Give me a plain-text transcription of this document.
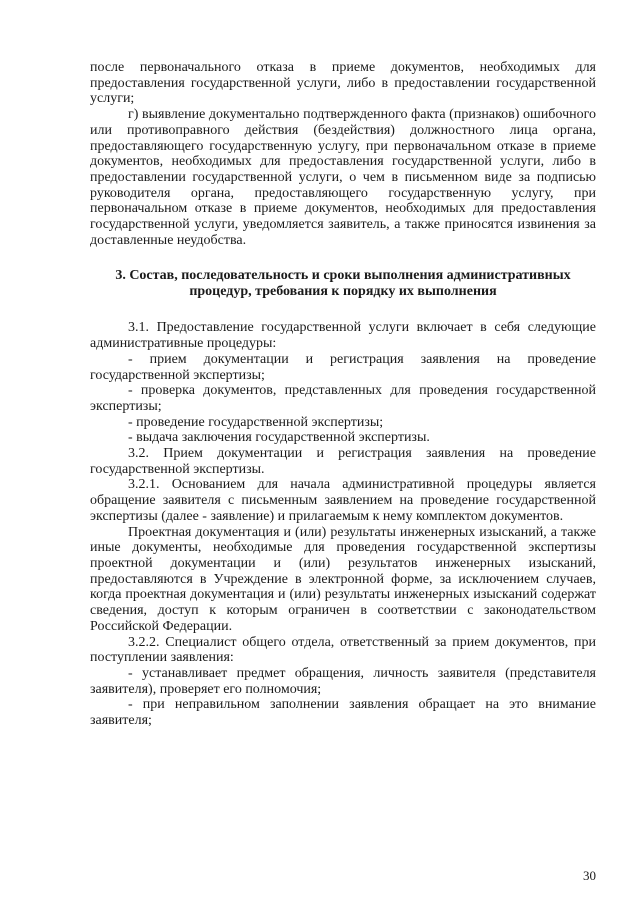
после первоначального отказа в приеме документов, необходимых для предоставления государственной услуги, либо в предоставлении государственной услуги;

г) выявление документально подтвержденного факта (признаков) ошибочного или противоправного действия (бездействия) должностного лица органа, предоставляющего государственную услугу, при первоначальном отказе в приеме документов, необходимых для предоставления государственной услуги, либо в предоставлении государственной услуги, о чем в письменном виде за подписью руководителя органа, предоставляющего государственную услугу, при первоначальном отказе в приеме документов, необходимых для предоставления государственной услуги, уведомляется заявитель, а также приносятся извинения за доставленные неудобства.

3. Состав, последовательность и сроки выполнения административных процедур, требования к порядку их выполнения

3.1. Предоставление государственной услуги включает в себя следующие административные процедуры:

- прием документации и регистрация заявления на проведение государственной экспертизы;

- проверка документов, представленных для проведения государственной экспертизы;

- проведение государственной экспертизы;

- выдача заключения государственной экспертизы.

3.2. Прием документации и регистрация заявления на проведение государственной экспертизы.

3.2.1. Основанием для начала административной процедуры является обращение заявителя с письменным заявлением на проведение государственной экспертизы (далее - заявление) и прилагаемым к нему комплектом документов.

Проектная документация и (или) результаты инженерных изысканий, а также иные документы, необходимые для проведения государственной экспертизы проектной документации и (или) результатов инженерных изысканий, предоставляются в Учреждение в электронной форме, за исключением случаев, когда проектная документация и (или) результаты инженерных изысканий содержат сведения, доступ к которым ограничен в соответствии с законодательством Российской Федерации.

3.2.2. Специалист общего отдела, ответственный за прием документов, при поступлении заявления:

- устанавливает предмет обращения, личность заявителя (представителя заявителя), проверяет его полномочия;

- при неправильном заполнении заявления обращает на это внимание заявителя;

30
